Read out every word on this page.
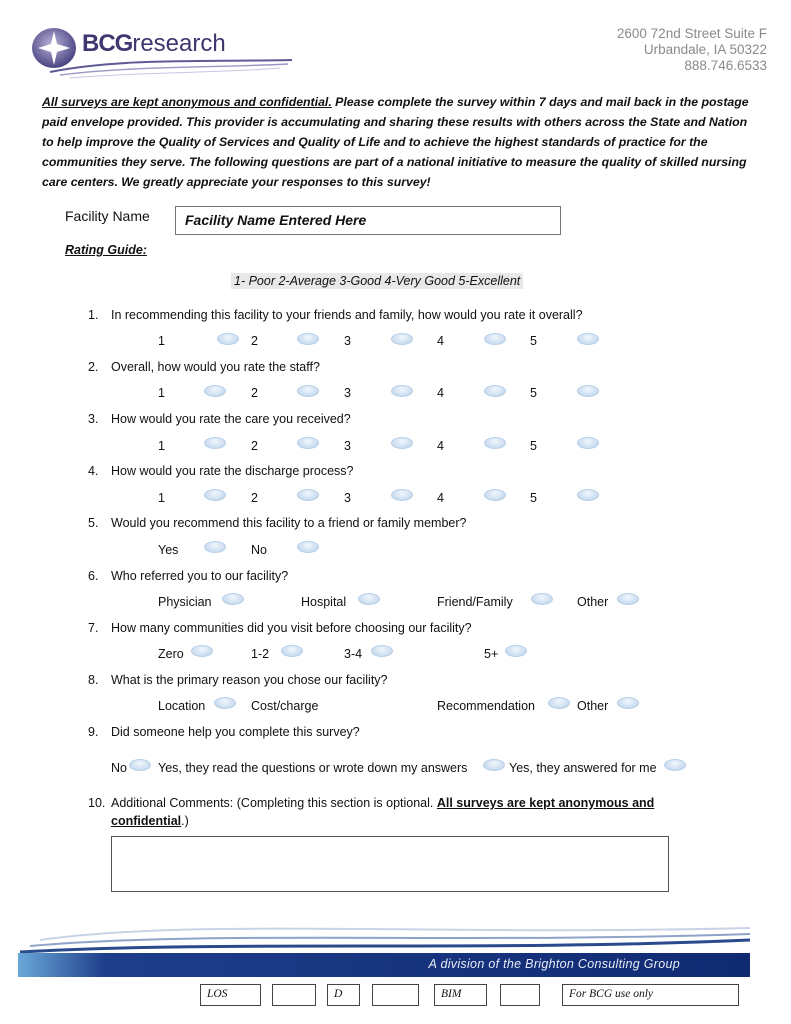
BCGresearch	2600 72nd Street Suite F
Urbandale, IA 50322
888.746.6533
All surveys are kept anonymous and confidential. Please complete the survey within 7 days and mail back in the postage paid envelope provided. This provider is accumulating and sharing these results with others across the State and Nation to help improve the Quality of Services and Quality of Life and to achieve the highest standards of practice for the communities they serve. The following questions are part of a national initiative to measure the quality of skilled nursing care centers. We greatly appreciate your responses to this survey!
Facility Name	Facility Name Entered Here
Rating Guide:
1- Poor 2-Average 3-Good 4-Very Good 5-Excellent
1. In recommending this facility to your friends and family, how would you rate it overall?
1	2	3	4	5
2. Overall, how would you rate the staff?
1	2	3	4	5
3. How would you rate the care you received?
1	2	3	4	5
4. How would you rate the discharge process?
1	2	3	4	5
5. Would you recommend this facility to a friend or family member?
Yes	No
6. Who referred you to our facility?
Physician	Hospital	Friend/Family	Other
7. How many communities did you visit before choosing our facility?
Zero	1-2	3-4	5+
8. What is the primary reason you chose our facility?
Location	Cost/charge	Recommendation	Other
9. Did someone help you complete this survey?
No Yes, they read the questions or wrote down my answers	Yes, they answered for me
10. Additional Comments: (Completing this section is optional. All surveys are kept anonymous and
confidential.)
A division of the Brighton Consulting Group
LOS	D	BIM	For BCG use only
